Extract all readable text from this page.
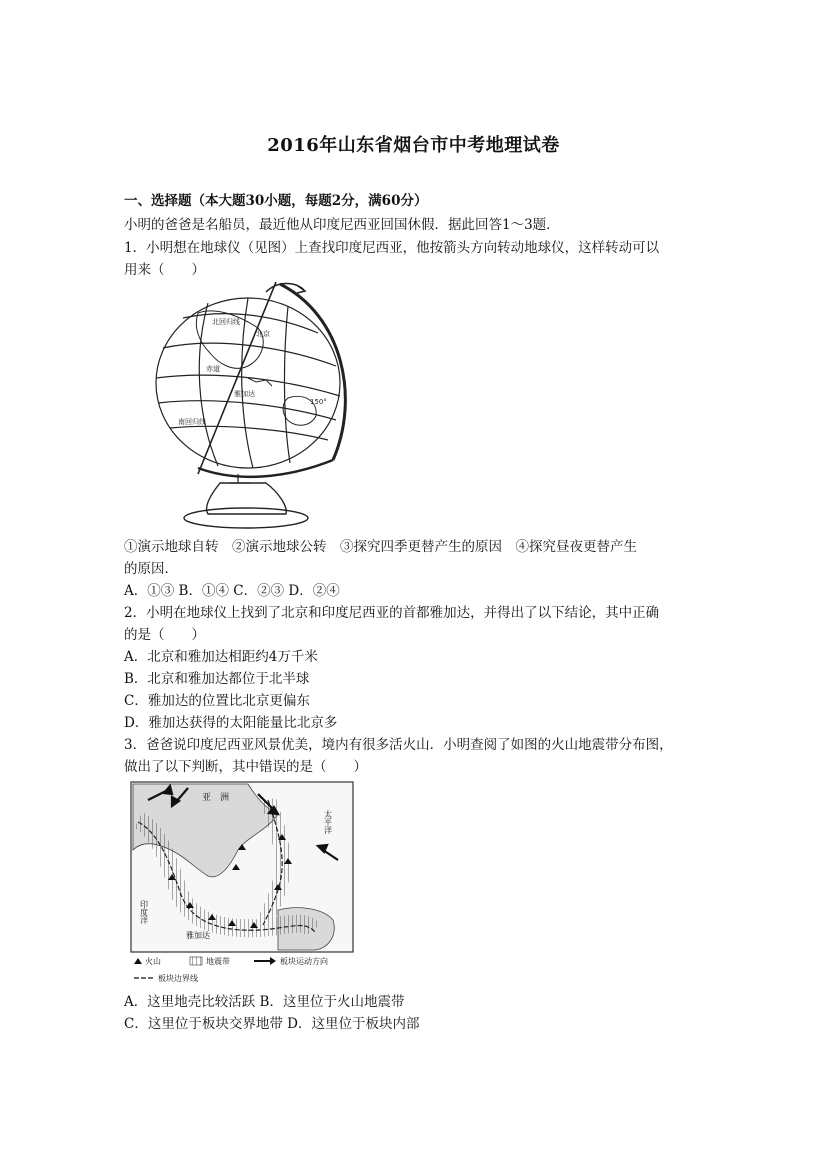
2016年山东省烟台市中考地理试卷
一、选择题（本大题30小题，每题2分，满60分）
小明的爸爸是名船员，最近他从印度尼西亚回国休假．据此回答1～3题．
1．小明想在地球仪（见图）上查找印度尼西亚，他按箭头方向转动地球仪，这样转动可以
用来（　　）
北京
雅加达
北回归线
南回归线
赤道
150°
①演示地球自转　②演示地球公转　③探究四季更替产生的原因　④探究昼夜更替产生
的原因．
A．①③ B．①④ C．②③ D．②④
2．小明在地球仪上找到了北京和印度尼西亚的首都雅加达，并得出了以下结论，其中正确
的是（　　）
A．北京和雅加达相距约4万千米
B．北京和雅加达都位于北半球
C．雅加达的位置比北京更偏东
D．雅加达获得的太阳能量比北京多
3．爸爸说印度尼西亚风景优美，境内有很多活火山．小明查阅了如图的火山地震带分布图，
做出了以下判断，其中错误的是（　　）
亚　洲
太平洋
印度洋
雅加达
火山	地震带	板块运动方向
板块边界线
A．这里地壳比较活跃 B．这里位于火山地震带
C．这里位于板块交界地带 D．这里位于板块内部
